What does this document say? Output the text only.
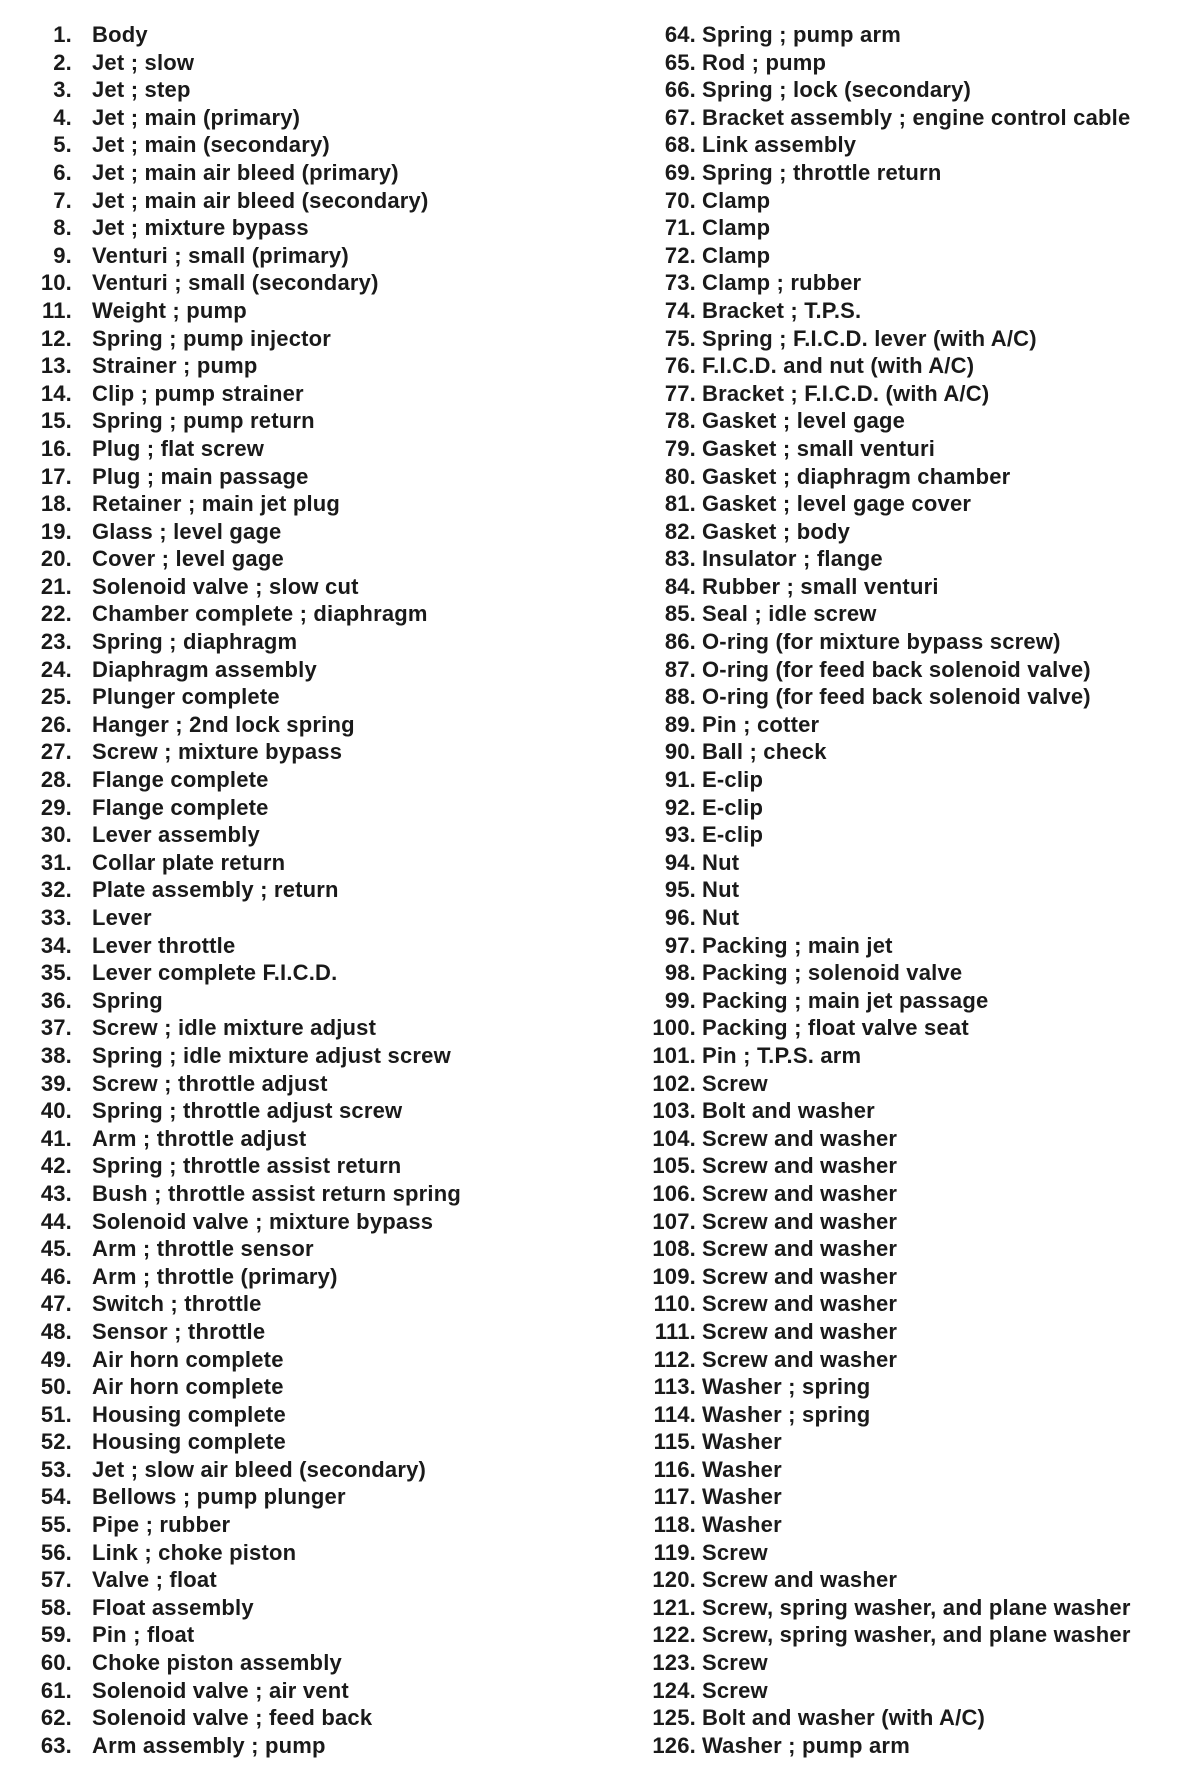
1. Body
2. Jet ; slow
3. Jet ; step
4. Jet ; main (primary)
5. Jet ; main (secondary)
6. Jet ; main air bleed (primary)
7. Jet ; main air bleed (secondary)
8. Jet ; mixture bypass
9. Venturi ; small (primary)
10. Venturi ; small (secondary)
11. Weight ; pump
12. Spring ; pump injector
13. Strainer ; pump
14. Clip ; pump strainer
15. Spring ; pump return
16. Plug ; flat screw
17. Plug ; main passage
18. Retainer ; main jet plug
19. Glass ; level gage
20. Cover ; level gage
21. Solenoid valve ; slow cut
22. Chamber complete ; diaphragm
23. Spring ; diaphragm
24. Diaphragm assembly
25. Plunger complete
26. Hanger ; 2nd lock spring
27. Screw ; mixture bypass
28. Flange complete
29. Flange complete
30. Lever assembly
31. Collar plate return
32. Plate assembly ; return
33. Lever
34. Lever throttle
35. Lever complete F.I.C.D.
36. Spring
37. Screw ; idle mixture adjust
38. Spring ; idle mixture adjust screw
39. Screw ; throttle adjust
40. Spring ; throttle adjust screw
41. Arm ; throttle adjust
42. Spring ; throttle assist return
43. Bush ; throttle assist return spring
44. Solenoid valve ; mixture bypass
45. Arm ; throttle sensor
46. Arm ; throttle (primary)
47. Switch ; throttle
48. Sensor ; throttle
49. Air horn complete
50. Air horn complete
51. Housing complete
52. Housing complete
53. Jet ; slow air bleed (secondary)
54. Bellows ; pump plunger
55. Pipe ; rubber
56. Link ; choke piston
57. Valve ; float
58. Float assembly
59. Pin ; float
60. Choke piston assembly
61. Solenoid valve ; air vent
62. Solenoid valve ; feed back
63. Arm assembly ; pump
64. Spring ; pump arm
65. Rod ; pump
66. Spring ; lock (secondary)
67. Bracket assembly ; engine control cable
68. Link assembly
69. Spring ; throttle return
70. Clamp
71. Clamp
72. Clamp
73. Clamp ; rubber
74. Bracket ; T.P.S.
75. Spring ; F.I.C.D. lever (with A/C)
76. F.I.C.D. and nut (with A/C)
77. Bracket ; F.I.C.D. (with A/C)
78. Gasket ; level gage
79. Gasket ; small venturi
80. Gasket ; diaphragm chamber
81. Gasket ; level gage cover
82. Gasket ; body
83. Insulator ; flange
84. Rubber ; small venturi
85. Seal ; idle screw
86. O-ring (for mixture bypass screw)
87. O-ring (for feed back solenoid valve)
88. O-ring (for feed back solenoid valve)
89. Pin ; cotter
90. Ball ; check
91. E-clip
92. E-clip
93. E-clip
94. Nut
95. Nut
96. Nut
97. Packing ; main jet
98. Packing ; solenoid valve
99. Packing ; main jet passage
100. Packing ; float valve seat
101. Pin ; T.P.S. arm
102. Screw
103. Bolt and washer
104. Screw and washer
105. Screw and washer
106. Screw and washer
107. Screw and washer
108. Screw and washer
109. Screw and washer
110. Screw and washer
111. Screw and washer
112. Screw and washer
113. Washer ; spring
114. Washer ; spring
115. Washer
116. Washer
117. Washer
118. Washer
119. Screw
120. Screw and washer
121. Screw, spring washer, and plane washer
122. Screw, spring washer, and plane washer
123. Screw
124. Screw
125. Bolt and washer (with A/C)
126. Washer ; pump arm
